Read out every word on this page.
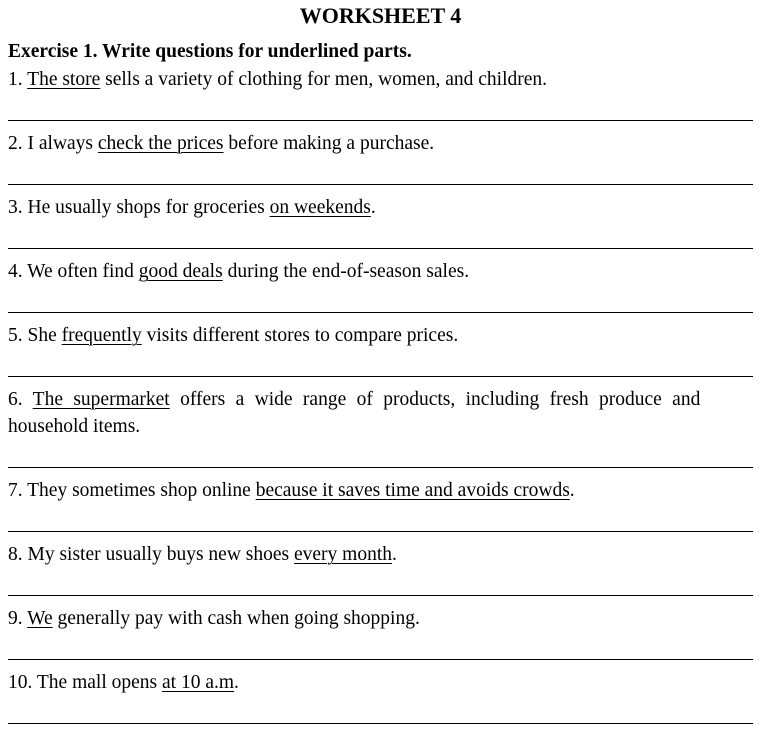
WORKSHEET 4
Exercise 1. Write questions for underlined parts.

1. The store sells a variety of clothing for men, women, and children.

2. I always check the prices before making a purchase.

3. He usually shops for groceries on weekends.

4. We often find good deals during the end-of-season sales.

5. She frequently visits different stores to compare prices.

6. The supermarket offers a wide range of products, including fresh produce and
household items.

7. They sometimes shop online because it saves time and avoids crowds.

8. My sister usually buys new shoes every month.

9. We generally pay with cash when going shopping.

10. The mall opens at 10 a.m.
